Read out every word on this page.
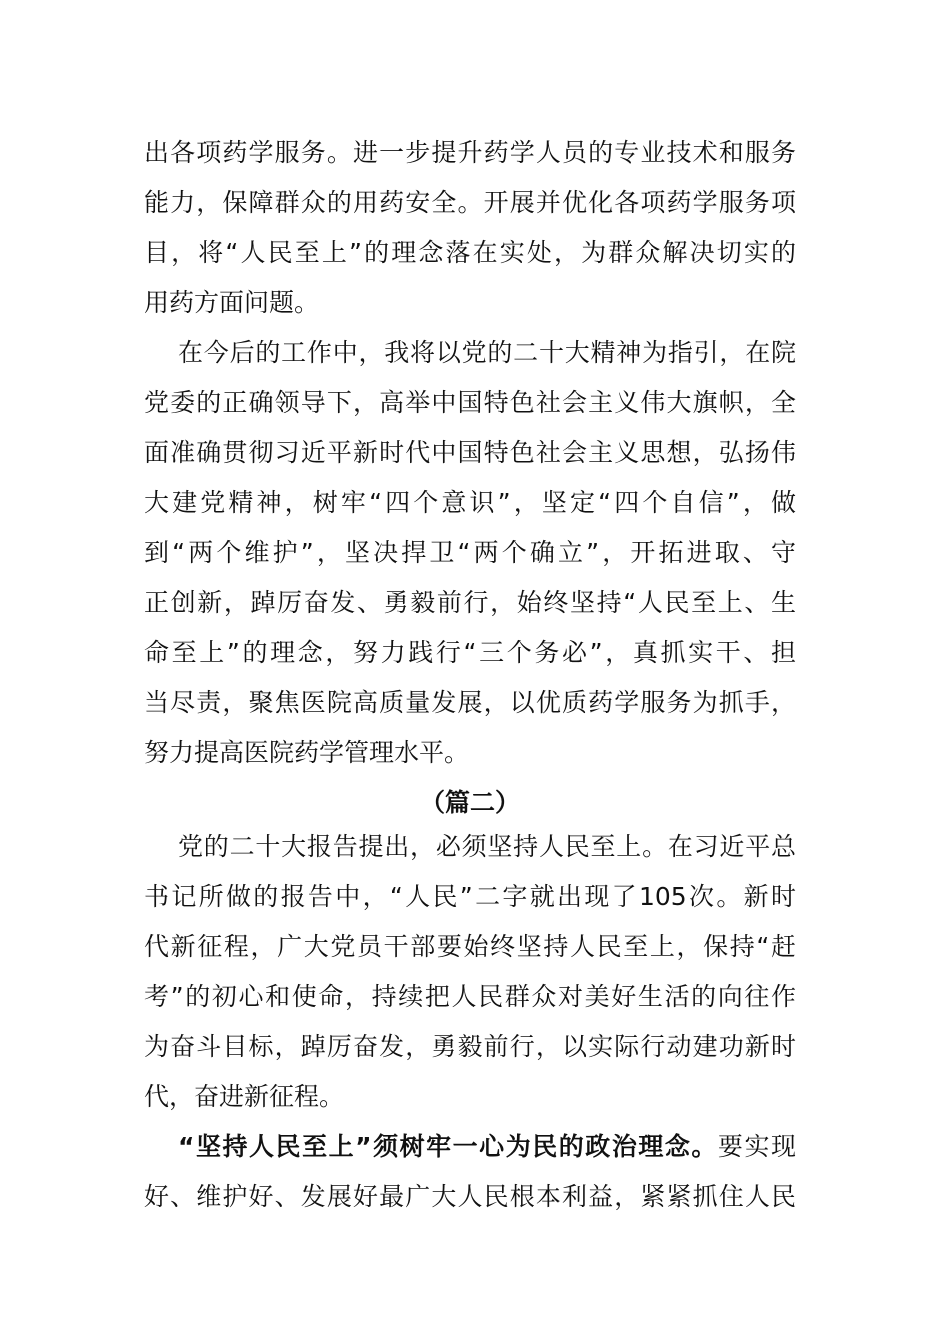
出各项药学服务。进一步提升药学人员的专业技术和服务
能力，保障群众的用药安全。开展并优化各项药学服务项
目，将“人民至上”的理念落在实处，为群众解决切实的
用药方面问题。
在今后的工作中，我将以党的二十大精神为指引，在院
党委的正确领导下，高举中国特色社会主义伟大旗帜，全
面准确贯彻习近平新时代中国特色社会主义思想，弘扬伟
大建党精神，树牢“四个意识”，坚定“四个自信”，做
到“两个维护”，坚决捍卫“两个确立”，开拓进取、守
正创新，踔厉奋发、勇毅前行，始终坚持“人民至上、生
命至上”的理念，努力践行“三个务必”，真抓实干、担
当尽责，聚焦医院高质量发展，以优质药学服务为抓手，
努力提高医院药学管理水平。
（篇二）
党的二十大报告提出，必须坚持人民至上。在习近平总
书记所做的报告中，“人民”二字就出现了105次。新时
代新征程，广大党员干部要始终坚持人民至上，保持“赶
考”的初心和使命，持续把人民群众对美好生活的向往作
为奋斗目标，踔厉奋发，勇毅前行，以实际行动建功新时
代，奋进新征程。
“坚持人民至上”须树牢一心为民的政治理念。要实现
好、维护好、发展好最广大人民根本利益，紧紧抓住人民
